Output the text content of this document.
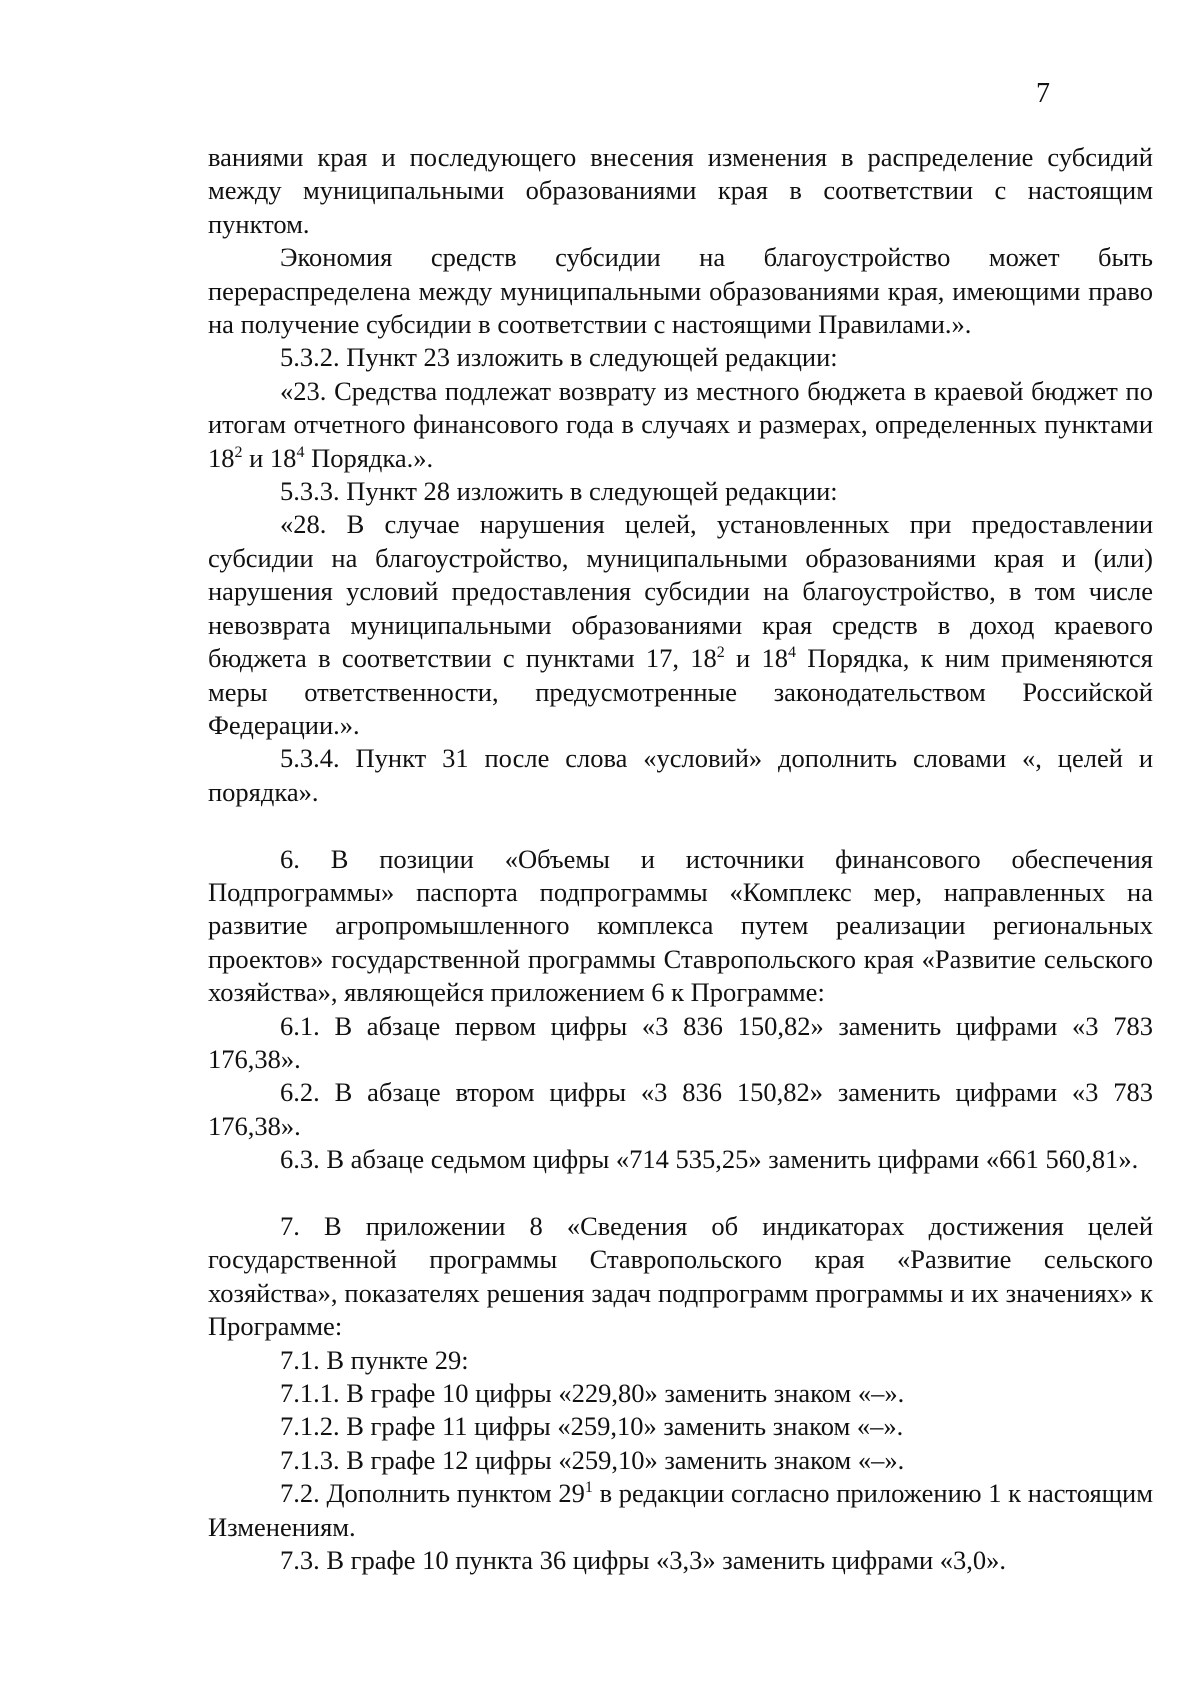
7

ваниями края и последующего внесения изменения в распределение субсидий между муниципальными образованиями края в соответствии с настоящим пунктом.

Экономия средств субсидии на благоустройство может быть перераспределена между муниципальными образованиями края, имеющими право на получение субсидии в соответствии с настоящими Правилами.».

5.3.2. Пункт 23 изложить в следующей редакции:

«23. Средства подлежат возврату из местного бюджета в краевой бюджет по итогам отчетного финансового года в случаях и размерах, определенных пунктами $18^2$ и $18^4$ Порядка.».

5.3.3. Пункт 28 изложить в следующей редакции:

«28. В случае нарушения целей, установленных при предоставлении субсидии на благоустройство, муниципальными образованиями края и (или) нарушения условий предоставления субсидии на благоустройство, в том числе невозврата муниципальными образованиями края средств в доход краевого бюджета в соответствии с пунктами 17, $18^2$ и $18^4$ Порядка, к ним применяются меры ответственности, предусмотренные законодательством Российской Федерации.».

5.3.4. Пункт 31 после слова «условий» дополнить словами «, целей и порядка».

6. В позиции «Объемы и источники финансового обеспечения Подпрограммы» паспорта подпрограммы «Комплекс мер, направленных на развитие агропромышленного комплекса путем реализации региональных проектов» государственной программы Ставропольского края «Развитие сельского хозяйства», являющейся приложением 6 к Программе:

6.1. В абзаце первом цифры «3 836 150,82» заменить цифрами «3 783 176,38».

6.2. В абзаце втором цифры «3 836 150,82» заменить цифрами «3 783 176,38».

6.3. В абзаце седьмом цифры «714 535,25» заменить цифрами «661 560,81».

7. В приложении 8 «Сведения об индикаторах достижения целей государственной программы Ставропольского края «Развитие сельского хозяйства», показателях решения задач подпрограмм программы и их значениях» к Программе:

7.1. В пункте 29:

7.1.1. В графе 10 цифры «229,80» заменить знаком «–».

7.1.2. В графе 11 цифры «259,10» заменить знаком «–».

7.1.3. В графе 12 цифры «259,10» заменить знаком «–».

7.2. Дополнить пунктом $29^1$ в редакции согласно приложению 1 к настоящим Изменениям.

7.3. В графе 10 пункта 36 цифры «3,3» заменить цифрами «3,0».
